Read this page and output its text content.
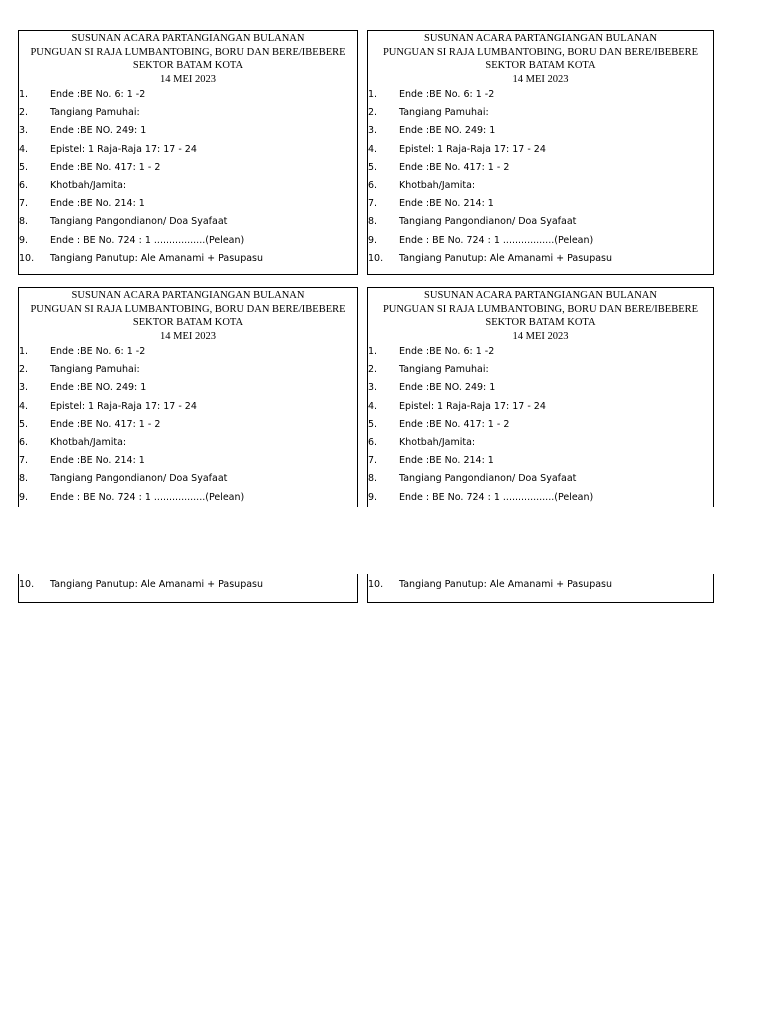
SUSUNAN ACARA PARTANGIANGAN BULANAN
PUNGUAN SI RAJA LUMBANTOBING, BORU DAN BERE/IBEBERE
SEKTOR BATAM KOTA
14 MEI 2023
1. Ende :BE No. 6: 1 -2
2. Tangiang Pamuhai:
3. Ende :BE NO. 249: 1
4. Epistel: 1 Raja-Raja 17: 17 - 24
5. Ende :BE No. 417: 1 - 2
6. Khotbah/Jamita:
7. Ende :BE No. 214: 1
8. Tangiang Pangondianon/ Doa Syafaat
9. Ende : BE No. 724 : 1 .................(Pelean)
10. Tangiang Panutup: Ale Amanami + Pasupasu
SUSUNAN ACARA PARTANGIANGAN BULANAN
PUNGUAN SI RAJA LUMBANTOBING, BORU DAN BERE/IBEBERE
SEKTOR BATAM KOTA
14 MEI 2023
1. Ende :BE No. 6: 1 -2
2. Tangiang Pamuhai:
3. Ende :BE NO. 249: 1
4. Epistel: 1 Raja-Raja 17: 17 - 24
5. Ende :BE No. 417: 1 - 2
6. Khotbah/Jamita:
7. Ende :BE No. 214: 1
8. Tangiang Pangondianon/ Doa Syafaat
9. Ende : BE No. 724 : 1 .................(Pelean)
10. Tangiang Panutup: Ale Amanami + Pasupasu
SUSUNAN ACARA PARTANGIANGAN BULANAN
PUNGUAN SI RAJA LUMBANTOBING, BORU DAN BERE/IBEBERE
SEKTOR BATAM KOTA
14 MEI 2023
1. Ende :BE No. 6: 1 -2
2. Tangiang Pamuhai:
3. Ende :BE NO. 249: 1
4. Epistel: 1 Raja-Raja 17: 17 - 24
5. Ende :BE No. 417: 1 - 2
6. Khotbah/Jamita:
7. Ende :BE No. 214: 1
8. Tangiang Pangondianon/ Doa Syafaat
9. Ende : BE No. 724 : 1 .................(Pelean)
10. Tangiang Panutup: Ale Amanami + Pasupasu
SUSUNAN ACARA PARTANGIANGAN BULANAN
PUNGUAN SI RAJA LUMBANTOBING, BORU DAN BERE/IBEBERE
SEKTOR BATAM KOTA
14 MEI 2023
1. Ende :BE No. 6: 1 -2
2. Tangiang Pamuhai:
3. Ende :BE NO. 249: 1
4. Epistel: 1 Raja-Raja 17: 17 - 24
5. Ende :BE No. 417: 1 - 2
6. Khotbah/Jamita:
7. Ende :BE No. 214: 1
8. Tangiang Pangondianon/ Doa Syafaat
9. Ende : BE No. 724 : 1 .................(Pelean)
10. Tangiang Panutup: Ale Amanami + Pasupasu
